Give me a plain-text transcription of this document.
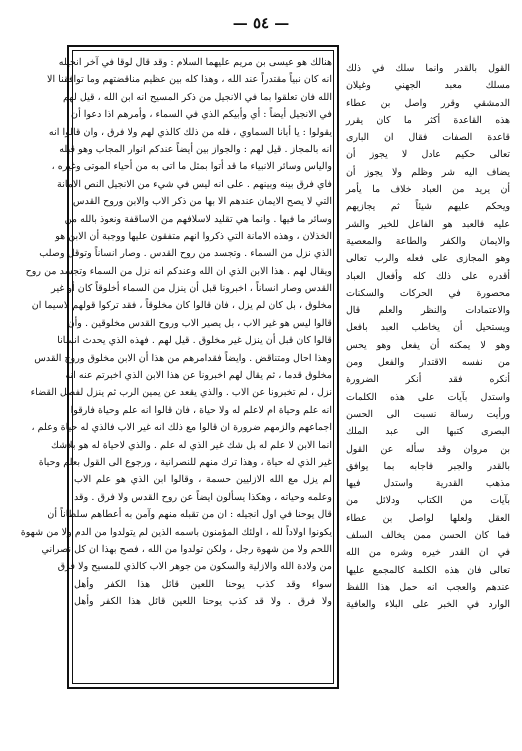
— ٥٤ —
هنالك هو عيسى بن مريم عليهما السلام : وقد قال لوقا في آخر انجيله
انه كان نبياً مقتدراً عند الله ، وهذا كله بين عظيم مناقضتهم وما توافقنا الا
الله فان تعلقوا بما في الانجيل من ذكر المسيح انه ابن الله ، قيل لهم
في الانجيل أيضاً : أي وأبيكم الذي في السماء ، وأمرهم اذا دعوا أن
يقولوا : يا أبانا السماوي ، فله من ذلك كالذي لهم ولا فرق ، وان قالوا انه
انه بالمجاز . قيل لهم : والجواز بين أيضاً عندكم انوار المجاب وهو قبله
والياس وسائر الانبياء ما قد أتوا بمثل ما اتى به من أحياء الموتى وغيره ،
فاي فرق بينه وبينهم . على انه ليس في شيء من الانجيل النص الامانة
التي لا يصح الايمان عندهم الا بها من ذكر الاب والابن وروح القدس
وسائر ما فيها . وانما هي تقليد لاسلافهم من الاساقفة ونعوذ بالله من
الخذلان ، وهذه الامانة التي ذكروا انهم متفقون عليها ووجبة أن الابن هو
الذي نزل من السماء . وتجسد من روح القدس . وصار انساناً وتوقل وصلب
ويقال لهم . هذا الابن الذي ان الله وعندكم انه نزل من السماء وتجسد من روح
القدس وصار انساناً ، اخبرونا قبل أن ينزل من السماء أخلوقاً كان أو غير
مخلوق ، بل كان لم يزل ، فان قالوا كان مخلوقاً ، فقد تركوا قولهم لاسيما ان
قالوا ليس هو غير الاب ، بل يصير الاب وروح القدس مخلوقين . وأن
قالوا كان قبل أن ينزل غير مخلوق . قيل لهم . فهذه الذي يحدث انسانا
وهذا احال ومتناقض . وايضاً فقدامرهم من هذا أن الابن مخلوق وروح القدس
مخلوق قدما ، ثم يقال لهم اخبرونا عن هذا الابن الذي اخبرتم عنه انه
نزل ، لم تخبرونا عن الاب . والذي يقعد عن يمين الرب ثم ينزل لفصل القضاء
انه علم وحياة ام لاعلم له ولا حياة ، فان قالوا انه علم وحياة فارقوا
اجماعهم والزمهم ضرورة ان قالوا مع ذلك انه غير الاب فالذي له حياة وعلم ،
انما الابن لا علم له بل شك غير الذي له علم . والذي لاحياة له هو بلاشك
غير الذي له حياة ، وهذا ترك منهم للنصرانية ، ورجوع الى القول بعلم وحياة
لم يزل مع الله الازليين حسمة ، وقالوا ابن الذي هو علم الاب
وعلمه وحياته ، وهكذا يسألون ايضاً عن روح القدس ولا فرق . وقد
قال يوحنا في اول انجيله : ان من تقبله منهم وآمن به أعطاهم سلطاناً أن
يكونوا اولاداً لله ، اولئك المؤمنون باسمه الذين لم يتولدوا من الدم ولا من شهوة
اللحم ولا من شهوة رجل ، ولكن تولدوا من الله ، فصح بهذا ان كل نصراني
من ولادة الله والازلية والسكون من جوهر الاب كالذي للمسيح ولا فرق
سواء وقد كذب يوحنا اللعين قائل هذا الكفر وأهل
ولا فرق . ولا قد كذب يوحنا اللعين قائل هذا الكفر وأهل
القول بالقدر وانما سلك في ذلك
مسلك معبد الجهني وغيلان
الدمشقي وقرر واصل بن عطاء
هذه القاعدة أكثر ما كان يقرر
قاعدة الصفات فقال ان البارى
تعالى حكيم عادل لا يجوز أن
يضاف اليه شر وظلم ولا يجوز أن
أن يريد من العباد خلاف ما يأمر
ويحكم عليهم شيئاً ثم يجازيهم
عليه فالعبد هو الفاعل للخير والشر
والايمان والكفر والطاعة والمعصية
وهو المجازى على فعله والرب تعالى
أقدره على ذلك كله وأفعال العباد
محصورة في الحركات والسكنات
والاعتمادات والنظر والعلم قال
ويستحيل أن يخاطب العبد بافعل
وهو لا يمكنه أن يفعل وهو يحس
من نفسه الاقتدار والفعل ومن
أنكره فقد أنكر الضرورة
واستدل بآيات على هذه الكلمات
ورأيت رسالة نسبت الى الحسن
البصرى كتبها الى عبد الملك
بن مروان وقد سأله عن القول
بالقدر والجبر فاجابه بما يوافق
مذهب القدرية واستدل فيها
بآيات من الكتاب ودلائل من
العقل ولعلها لواصل بن عطاء
فما كان الحسن ممن يخالف السلف
في ان القدر خيره وشره من الله
تعالى فان هذه الكلمة كالمجمع عليها
عندهم والعجب انه حمل هذا اللفظ
الوارد في الخبر على البلاء والعافية
